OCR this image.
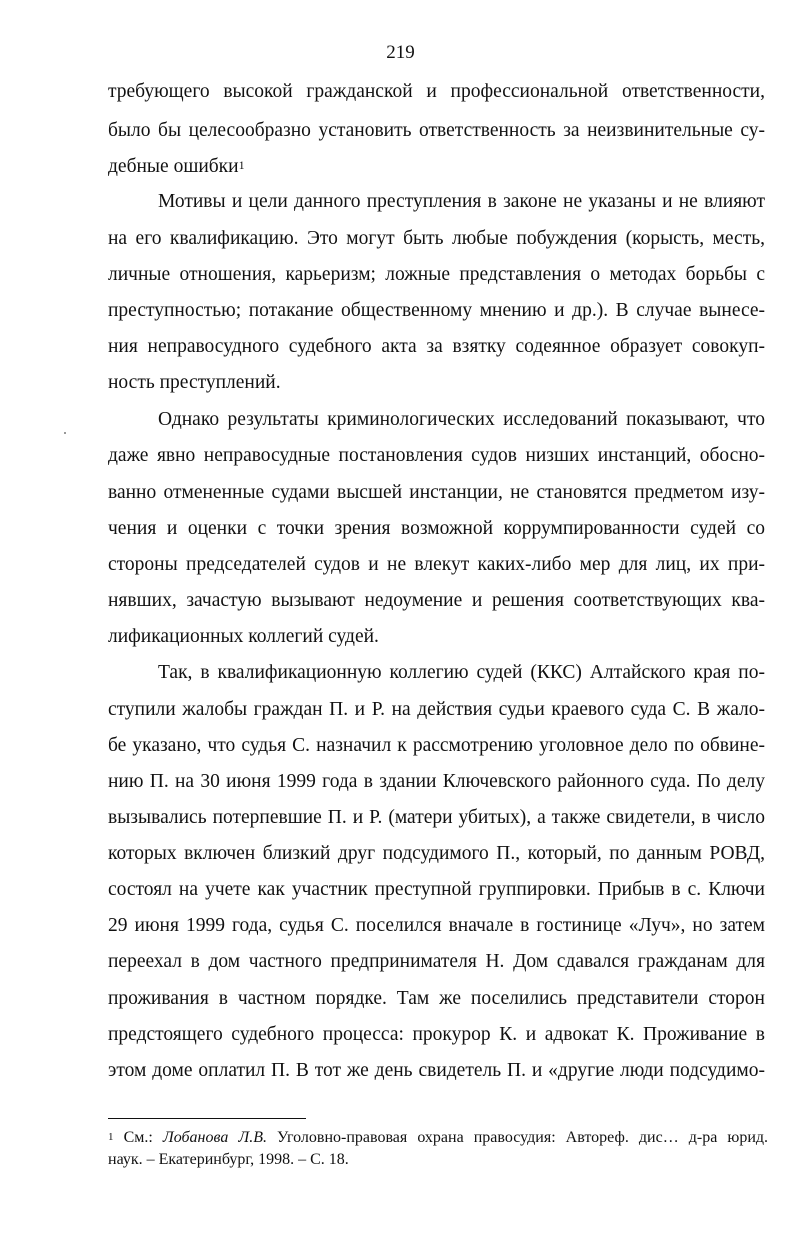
219
требующего высокой гражданской и профессиональной ответственности,
было бы целесообразно установить ответственность за неизвинительные су-
дебные ошибки$^1$
Мотивы и цели данного преступления в законе не указаны и не влияют
на его квалификацию. Это могут быть любые побуждения (корысть, месть,
личные отношения, карьеризм; ложные представления о методах борьбы с
преступностью; потакание общественному мнению и др.). В случае вынесе-
ния неправосудного судебного акта за взятку содеянное образует совокуп-
ность преступлений.
Однако результаты криминологических исследований показывают, что
даже явно неправосудные постановления судов низших инстанций, обосно-
ванно отмененные судами высшей инстанции, не становятся предметом изу-
чения и оценки с точки зрения возможной коррумпированности судей со
стороны председателей судов и не влекут каких-либо мер для лиц, их при-
нявших, зачастую вызывают недоумение и решения соответствующих ква-
лификационных коллегий судей.
Так, в квалификационную коллегию судей (ККС) Алтайского края по-
ступили жалобы граждан П. и Р. на действия судьи краевого суда С. В жало-
бе указано, что судья С. назначил к рассмотрению уголовное дело по обвине-
нию П. на 30 июня 1999 года в здании Ключевского районного суда. По делу
вызывались потерпевшие П. и Р. (матери убитых), а также свидетели, в число
которых включен близкий друг подсудимого П., который, по данным РОВД,
состоял на учете как участник преступной группировки. Прибыв в с. Ключи
29 июня 1999 года, судья С. поселился вначале в гостинице «Луч», но затем
переехал в дом частного предпринимателя Н. Дом сдавался гражданам для
проживания в частном порядке. Там же поселились представители сторон
предстоящего судебного процесса: прокурор К. и адвокат К. Проживание в
этом доме оплатил П. В тот же день свидетель П. и «другие люди подсудимо-
$^1$ См.: Лобанова Л.В. Уголовно-правовая охрана правосудия: Автореф. дис… д-ра юрид.
наук. – Екатеринбург, 1998. – С. 18.
